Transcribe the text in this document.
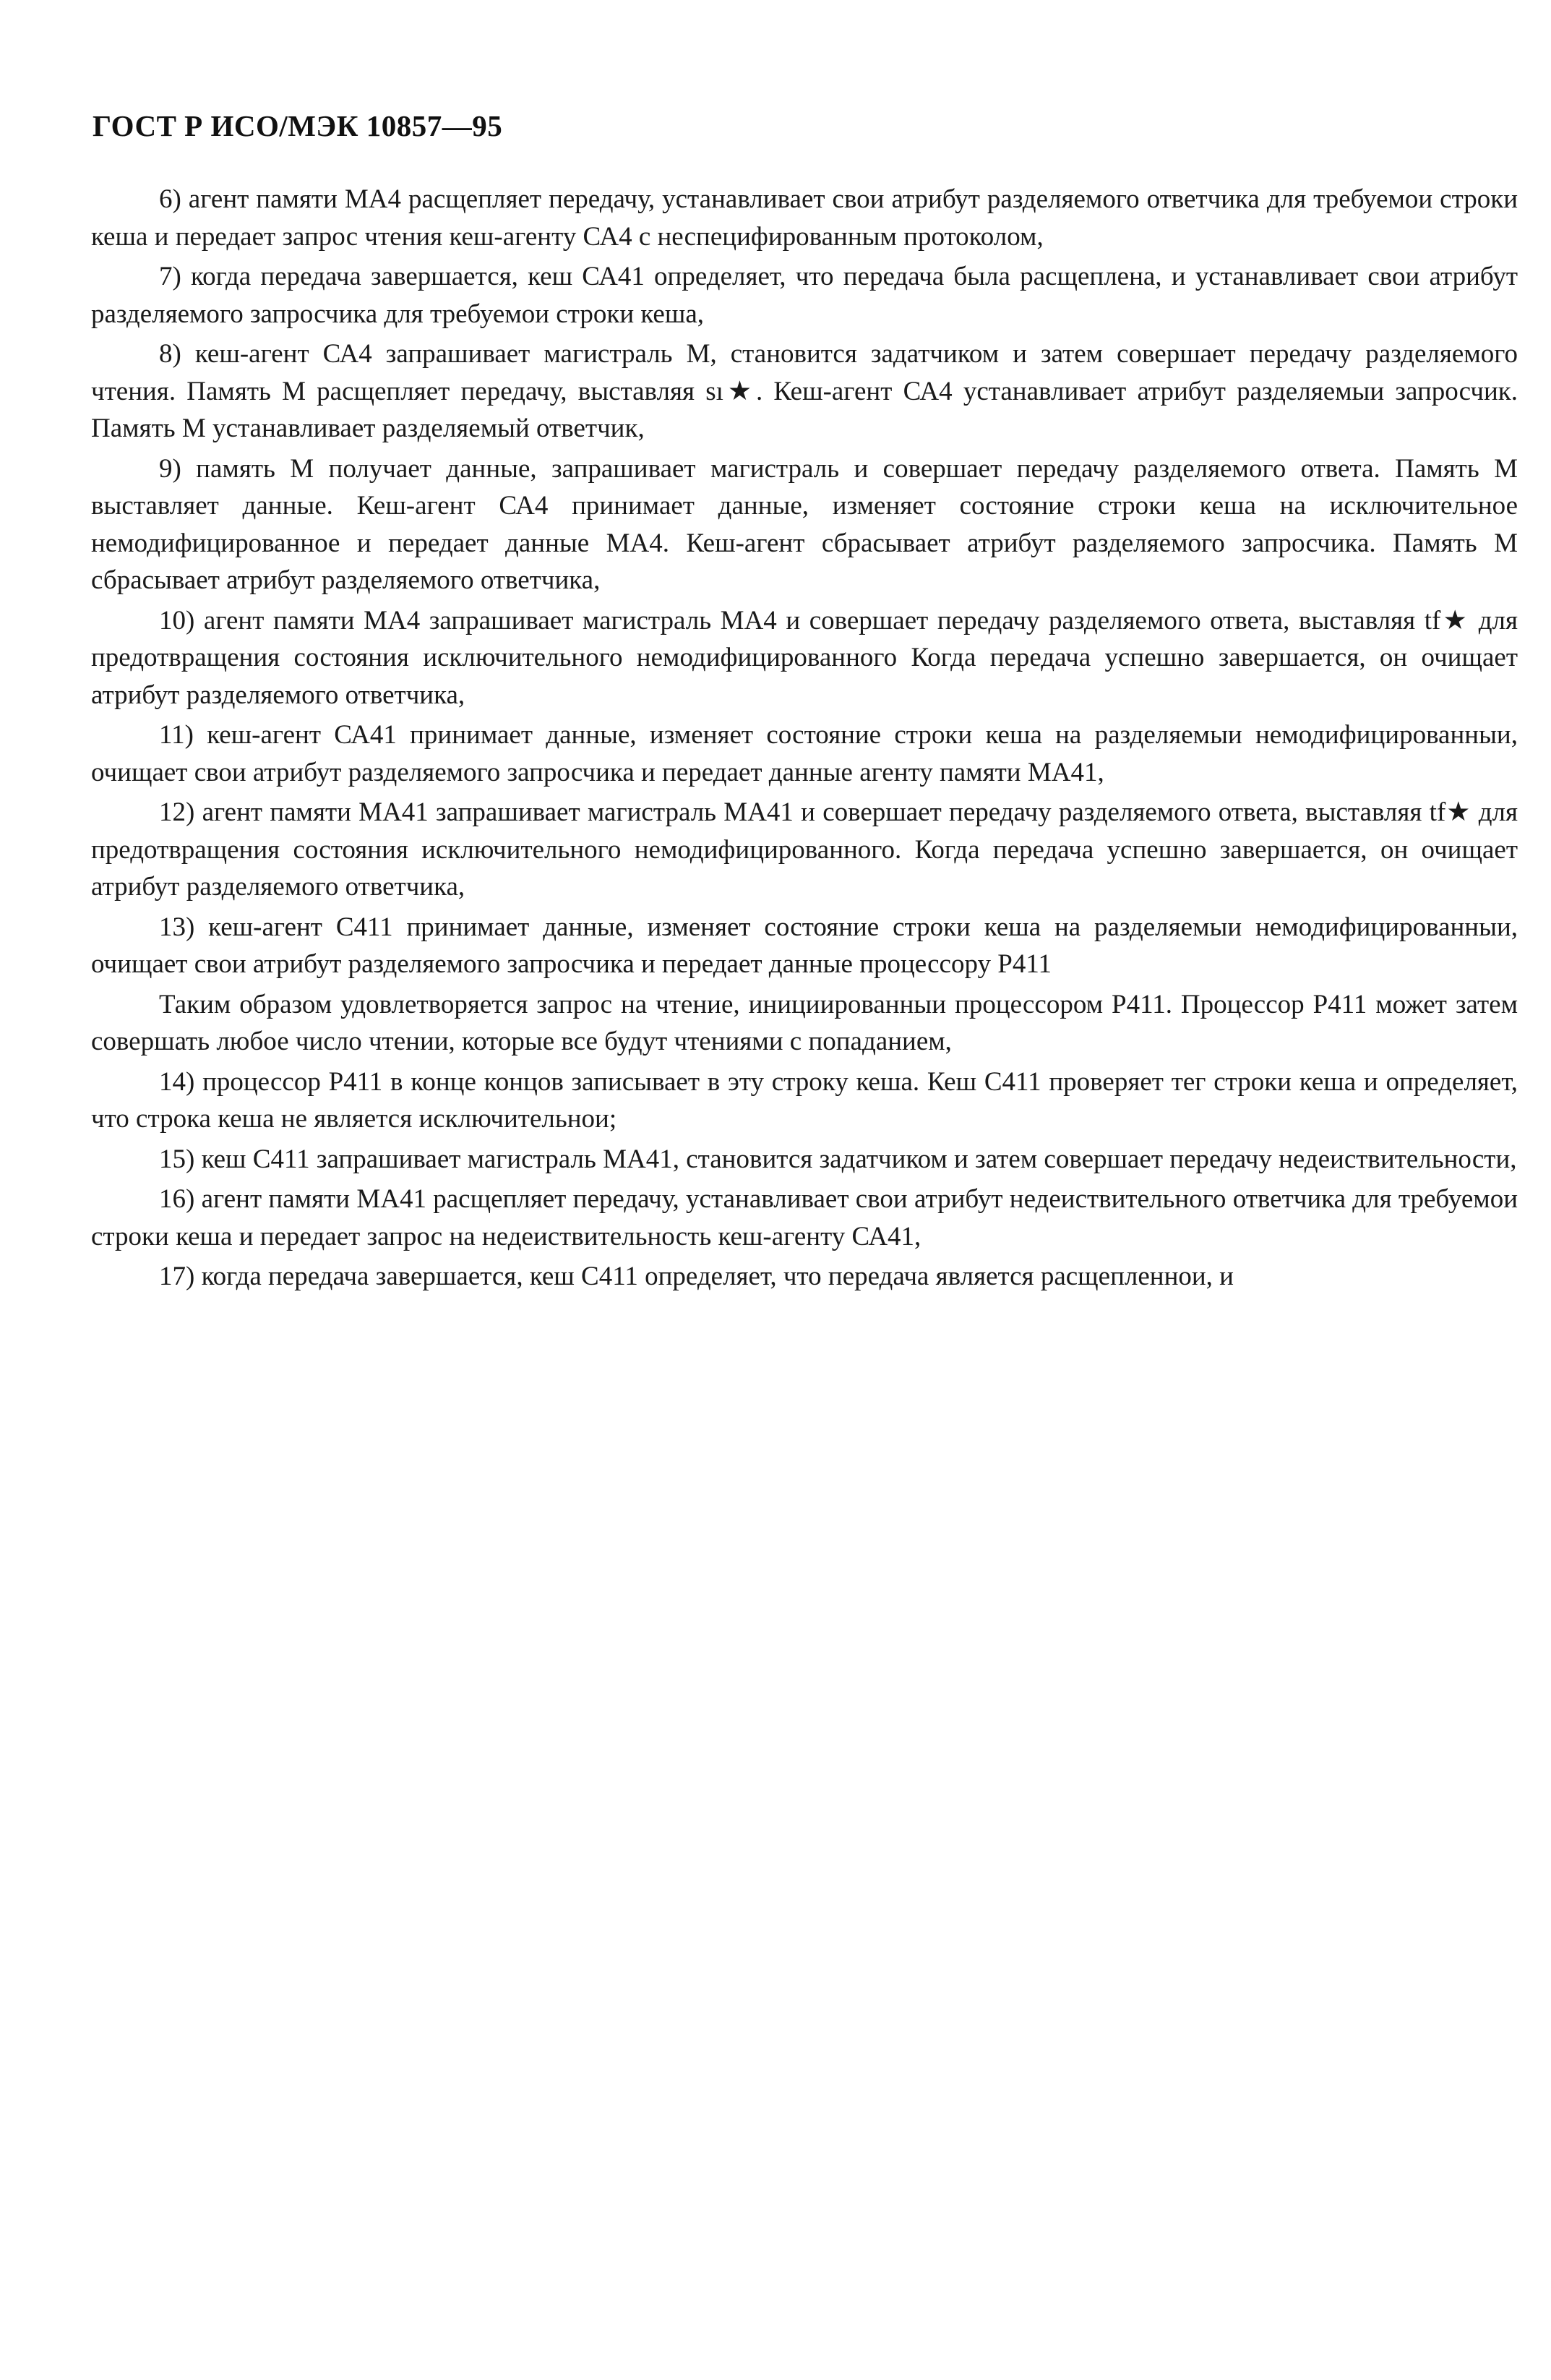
ГОСТ Р ИСО/МЭК 10857—95

6) агент памяти МА4 расщепляет передачу, устанавливает свои атрибут разделяемого ответчика для требуемои строки кеша и передает запрос чтения кеш-агенту СА4 с неспецифированным протоколом,

7) когда передача завершается, кеш СА41 определяет, что передача была расщеплена, и устанавливает свои атрибут разделяемого запросчика для требуемои строки кеша,

8) кеш-агент СА4 запрашивает магистраль М, становится задатчиком и затем совершает передачу разделяемого чтения. Память М расщепляет передачу, выставляя sı★. Кеш-агент СА4 устанавливает атрибут разделяемыи запросчик. Память М устанавливает разделяемый ответчик,

9) память М получает данные, запрашивает магистраль и совершает передачу разделяемого ответа. Память М выставляет данные. Кеш-агент СА4 принимает данные, изменяет состояние строки кеша на исключительное немодифицированное и передает данные МА4. Кеш-агент сбрасывает атрибут разделяемого запросчика. Память М сбрасывает атрибут разделяемого ответчика,

10) агент памяти МА4 запрашивает магистраль МА4 и совершает передачу разделяемого ответа, выставляя tf★ для предотвращения состояния исключительного немодифицированного Когда передача успешно завершается, он очищает атрибут разделяемого ответчика,

11) кеш-агент СА41 принимает данные, изменяет состояние строки кеша на разделяемыи немодифицированныи, очищает свои атрибут разделяемого запросчика и передает данные агенту памяти МА41,

12) агент памяти МА41 запрашивает магистраль МА41 и совершает передачу разделяемого ответа, выставляя tf★ для предотвращения состояния исключительного немодифицированного. Когда передача успешно завершается, он очищает атрибут разделяемого ответчика,

13) кеш-агент С411 принимает данные, изменяет состояние строки кеша на разделяемыи немодифицированныи, очищает свои атрибут разделяемого запросчика и передает данные процессору Р411

Таким образом удовлетворяется запрос на чтение, инициированныи процессором Р411. Процессор Р411 может затем совершать любое число чтении, которые все будут чтениями с попаданием,

14) процессор Р411 в конце концов записывает в эту строку кеша. Кеш С411 проверяет тег строки кеша и определяет, что строка кеша не является исключительнои;

15) кеш С411 запрашивает магистраль МА41, становится задатчиком и затем совершает передачу недеиствительности,

16) агент памяти МА41 расщепляет передачу, устанавливает свои атрибут недеиствительного ответчика для требуемои строки кеша и передает запрос на недеиствительность кеш-агенту СА41,

17) когда передача завершается, кеш С411 определяет, что передача является расщепленнои, и
